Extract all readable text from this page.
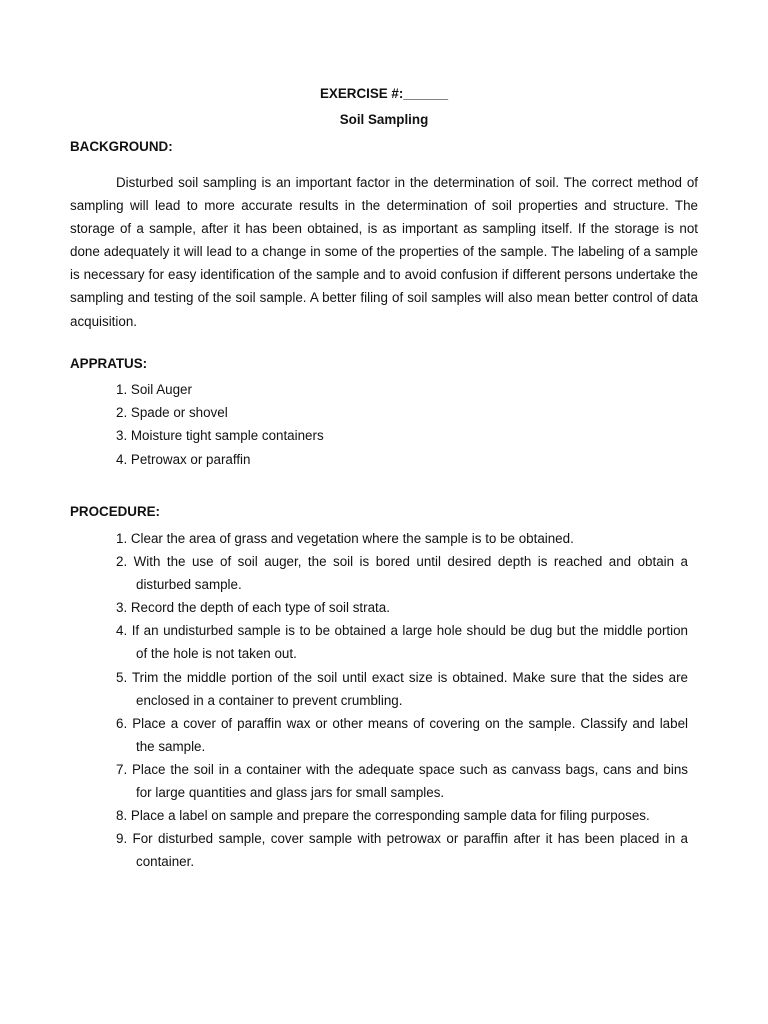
EXERCISE #:______
Soil Sampling
BACKGROUND:

Disturbed soil sampling is an important factor in the determination of soil. The correct method of sampling will lead to more accurate results in the determination of soil properties and structure. The storage of a sample, after it has been obtained, is as important as sampling itself. If the storage is not done adequately it will lead to a change in some of the properties of the sample. The labeling of a sample is necessary for easy identification of the sample and to avoid confusion if different persons undertake the sampling and testing of the soil sample. A better filing of soil samples will also mean better control of data acquisition.

APPRATUS:
1. Soil Auger
2. Spade or shovel
3. Moisture tight sample containers
4. Petrowax or paraffin
PROCEDURE:
1. Clear the area of grass and vegetation where the sample is to be obtained.
2. With the use of soil auger, the soil is bored until desired depth is reached and obtain a disturbed sample.
3. Record the depth of each type of soil strata.
4. If an undisturbed sample is to be obtained a large hole should be dug but the middle portion of the hole is not taken out.
5. Trim the middle portion of the soil until exact size is obtained. Make sure that the sides are enclosed in a container to prevent crumbling.
6. Place a cover of paraffin wax or other means of covering on the sample. Classify and label the sample.
7. Place the soil in a container with the adequate space such as canvass bags, cans and bins for large quantities and glass jars for small samples.
8. Place a label on sample and prepare the corresponding sample data for filing purposes.
9. For disturbed sample, cover sample with petrowax or paraffin after it has been placed in a container.
